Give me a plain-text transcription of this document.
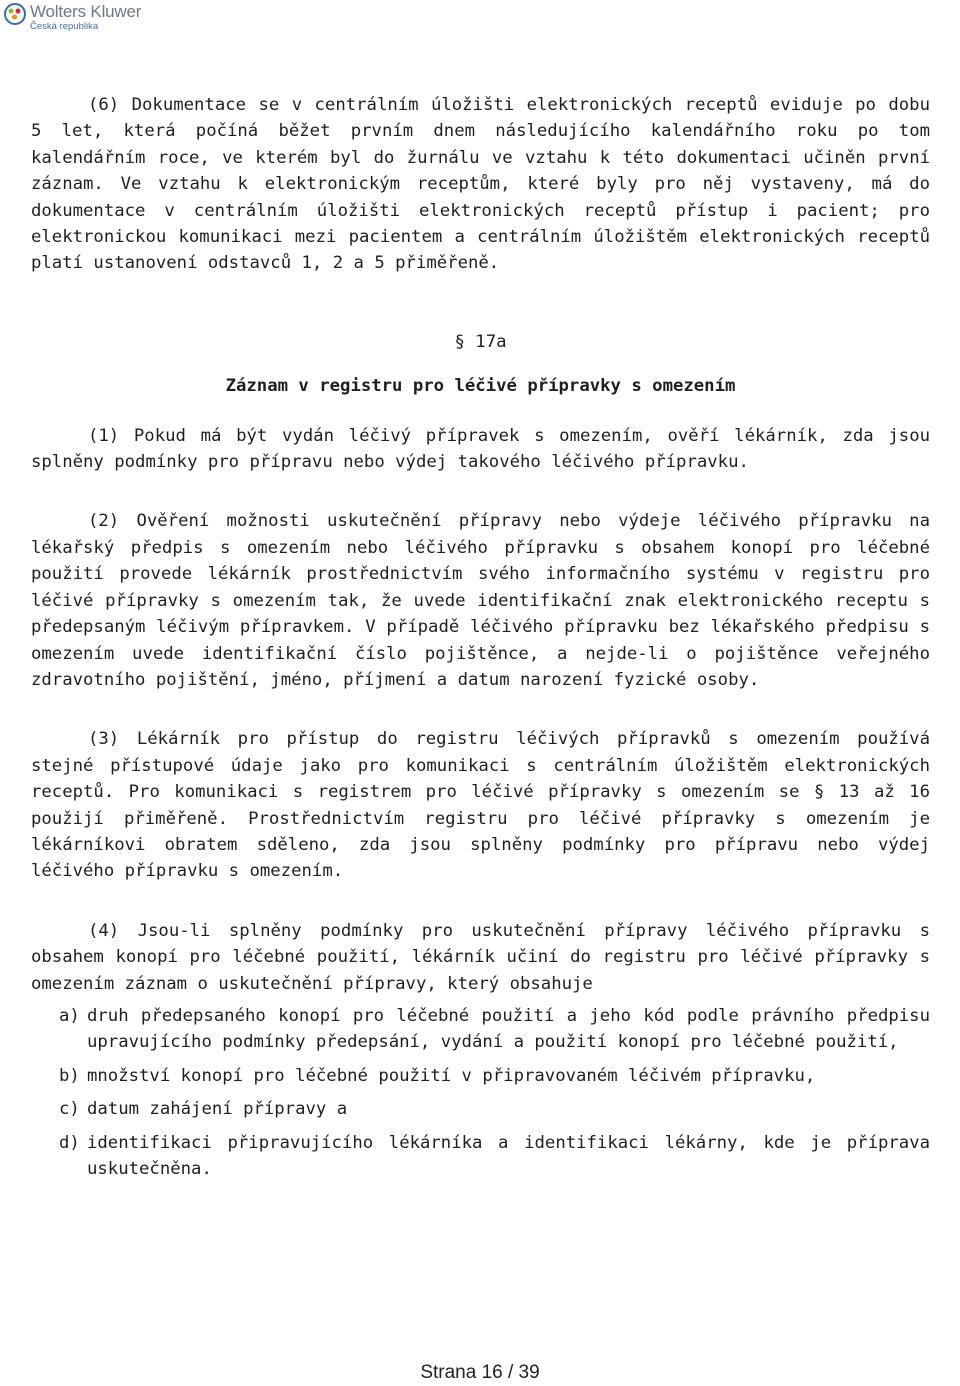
Wolters Kluwer
Česká republika

(6) Dokumentace se v centrálním úložišti elektronických receptů eviduje po dobu 5 let, která počíná běžet prvním dnem následujícího kalendářního roku po tom kalendářním roce, ve kterém byl do žurnálu ve vztahu k této dokumentaci učiněn první záznam. Ve vztahu k elektronickým receptům, které byly pro něj vystaveny, má do dokumentace v centrálním úložišti elektronických receptů přístup i pacient; pro elektronickou komunikaci mezi pacientem a centrálním úložištěm elektronických receptů platí ustanovení odstavců 1, 2 a 5 přiměřeně.

§ 17a

Záznam v registru pro léčivé přípravky s omezením

(1) Pokud má být vydán léčivý přípravek s omezením, ověří lékárník, zda jsou splněny podmínky pro přípravu nebo výdej takového léčivého přípravku.

(2) Ověření možnosti uskutečnění přípravy nebo výdeje léčivého přípravku na lékařský předpis s omezením nebo léčivého přípravku s obsahem konopí pro léčebné použití provede lékárník prostřednictvím svého informačního systému v registru pro léčivé přípravky s omezením tak, že uvede identifikační znak elektronického receptu s předepsaným léčivým přípravkem. V případě léčivého přípravku bez lékařského předpisu s omezením uvede identifikační číslo pojištěnce, a nejde-li o pojištěnce veřejného zdravotního pojištění, jméno, příjmení a datum narození fyzické osoby.

(3) Lékárník pro přístup do registru léčivých přípravků s omezením používá stejné přístupové údaje jako pro komunikaci s centrálním úložištěm elektronických receptů. Pro komunikaci s registrem pro léčivé přípravky s omezením se § 13 až 16 použijí přiměřeně. Prostřednictvím registru pro léčivé přípravky s omezením je lékárníkovi obratem sděleno, zda jsou splněny podmínky pro přípravu nebo výdej léčivého přípravku s omezením.

(4) Jsou-li splněny podmínky pro uskutečnění přípravy léčivého přípravku s obsahem konopí pro léčebné použití, lékárník učiní do registru pro léčivé přípravky s omezením záznam o uskutečnění přípravy, který obsahuje

a) druh předepsaného konopí pro léčebné použití a jeho kód podle právního předpisu upravujícího podmínky předepsání, vydání a použití konopí pro léčebné použití,
b) množství konopí pro léčebné použití v připravovaném léčivém přípravku,
c) datum zahájení přípravy a
d) identifikaci připravujícího lékárníka a identifikaci lékárny, kde je příprava uskutečněna.
Strana 16 / 39
